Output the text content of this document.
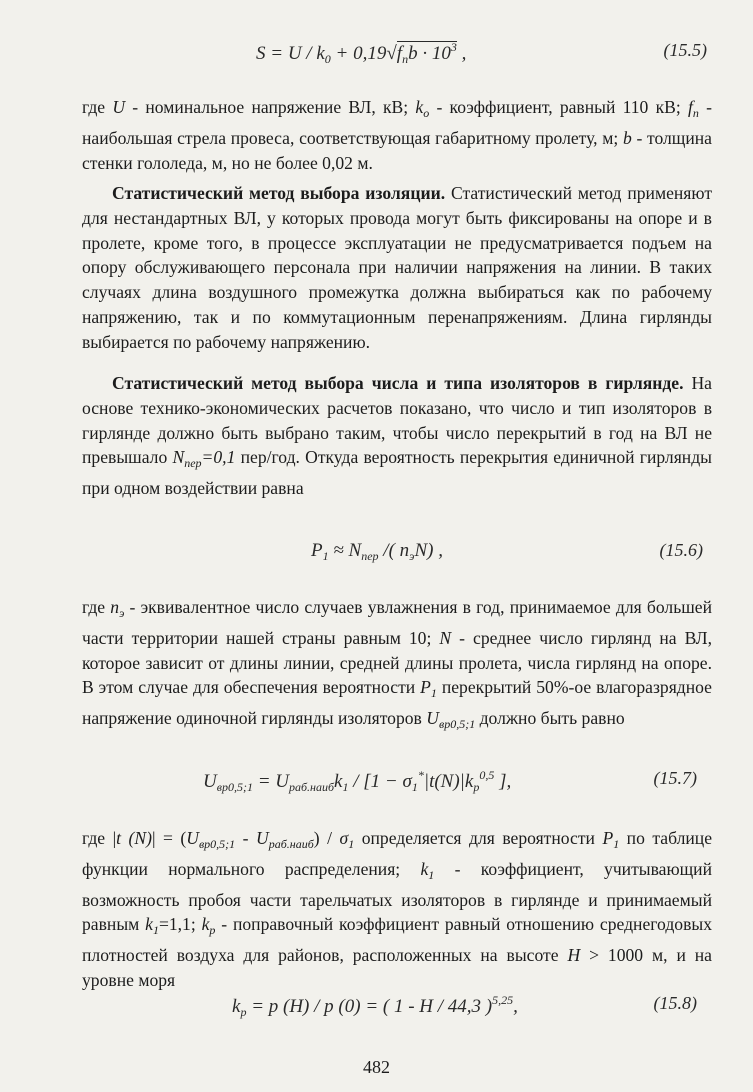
$S = U / k_0 + 0,19√f_nb \cdot 10^3$ ,	(15.5)
где U - номинальное напряжение ВЛ, кВ; $k_о$ - коэффициент, равный 110 кВ; $f_n$ - наибольшая стрела провеса, соответствующая габаритному пролету, м; b - толщина стенки гололеда, м, но не более 0,02 м.
Статистический метод выбора изоляции. Статистический метод применяют для нестандартных ВЛ, у которых провода могут быть фиксированы на опоре и в пролете, кроме того, в процессе эксплуатации не предусматривается подъем на опору обслуживающего персонала при наличии напряжения на линии. В таких случаях длина воздушного промежутка должна выбираться как по рабочему напряжению, так и по коммутационным перенапряжениям. Длина гирлянды выбирается по рабочему напряжению.
Статистический метод выбора числа и типа изоляторов в гирлянде. На основе технико-экономических расчетов показано, что число и тип изоляторов в гирлянде должно быть выбрано таким, чтобы число перекрытий в год на ВЛ не превышало $N_{пер}=0,1$ пер/год. Откуда вероятность перекрытия единичной гирлянды при одном воздействии равна
$P_1 \approx N_{пер}$ /( $n_эN$) ,	(15.6)
где $n_э$ - эквивалентное число случаев увлажнения в год, принимаемое для большей части территории нашей страны равным 10; N - среднее число гирлянд на ВЛ, которое зависит от длины линии, средней длины пролета, числа гирлянд на опоре. В этом случае для обеспечения вероятности $P_1$ перекрытий 50%-ое влагоразрядное напряжение одиночной гирлянды изоляторов $U_{вр0,5;1}$ должно быть равно
$U_{вр0,5;1} = U_{раб.наиб}k_1 / [1 - \sigma_1^*|t(N)|k_p^{0,5}$ ],	(15.7)
где |t $(N)| = (U_{вр0,5;1} - U_{раб.наиб}) / \sigma_1$ определяется для вероятности $P_1$ по таблице функции нормального распределения; $k_1$ - коэффициент, учитывающий возможность пробоя части тарельчатых изоляторов в гирлянде и принимаемый равным $k_1=1,1$; $k_р$ - поправочный коэффициент равный отношению среднегодовых плотностей воздуха для районов, расположенных на высоте H > 1000 м, и на уровне моря
$k_p = p$ (H) / p (0) = ( 1 - H / 44,3 )$^{5,25}$,	(15.8)
482
